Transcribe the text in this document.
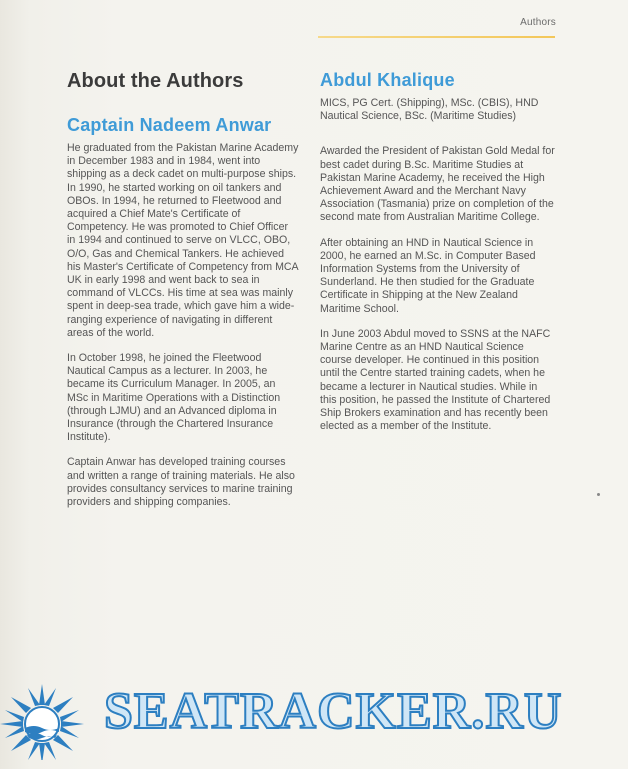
Authors
About the Authors
Captain Nadeem Anwar

He graduated from the Pakistan Marine Academy in December 1983 and in 1984, went into shipping as a deck cadet on multi-purpose ships. In 1990, he started working on oil tankers and OBOs. In 1994, he returned to Fleetwood and acquired a Chief Mate's Certificate of Competency. He was promoted to Chief Officer in 1994 and continued to serve on VLCC, OBO, O/O, Gas and Chemical Tankers. He achieved his Master's Certificate of Competency from MCA UK in early 1998 and went back to sea in command of VLCCs. His time at sea was mainly spent in deep-sea trade, which gave him a wide-ranging experience of navigating in different areas of the world.

In October 1998, he joined the Fleetwood Nautical Campus as a lecturer. In 2003, he became its Curriculum Manager. In 2005, an MSc in Maritime Operations with a Distinction (through LJMU) and an Advanced diploma in Insurance (through the Chartered Insurance Institute).

Captain Anwar has developed training courses and written a range of training materials. He also provides consultancy services to marine training providers and shipping companies.

Abdul Khalique

MICS, PG Cert. (Shipping), MSc. (CBIS), HND Nautical Science, BSc. (Maritime Studies)

Awarded the President of Pakistan Gold Medal for best cadet during B.Sc. Maritime Studies at Pakistan Marine Academy, he received the High Achievement Award and the Merchant Navy Association (Tasmania) prize on completion of the second mate from Australian Maritime College.

After obtaining an HND in Nautical Science in 2000, he earned an M.Sc. in Computer Based Information Systems from the University of Sunderland. He then studied for the Graduate Certificate in Shipping at the New Zealand Maritime School.

In June 2003 Abdul moved to SSNS at the NAFC Marine Centre as an HND Nautical Science course developer. He continued in this position until the Centre started training cadets, when he became a lecturer in Nautical studies. While in this position, he passed the Institute of Chartered Ship Brokers examination and has recently been elected as a member of the Institute.

SEATRACKER.RU
